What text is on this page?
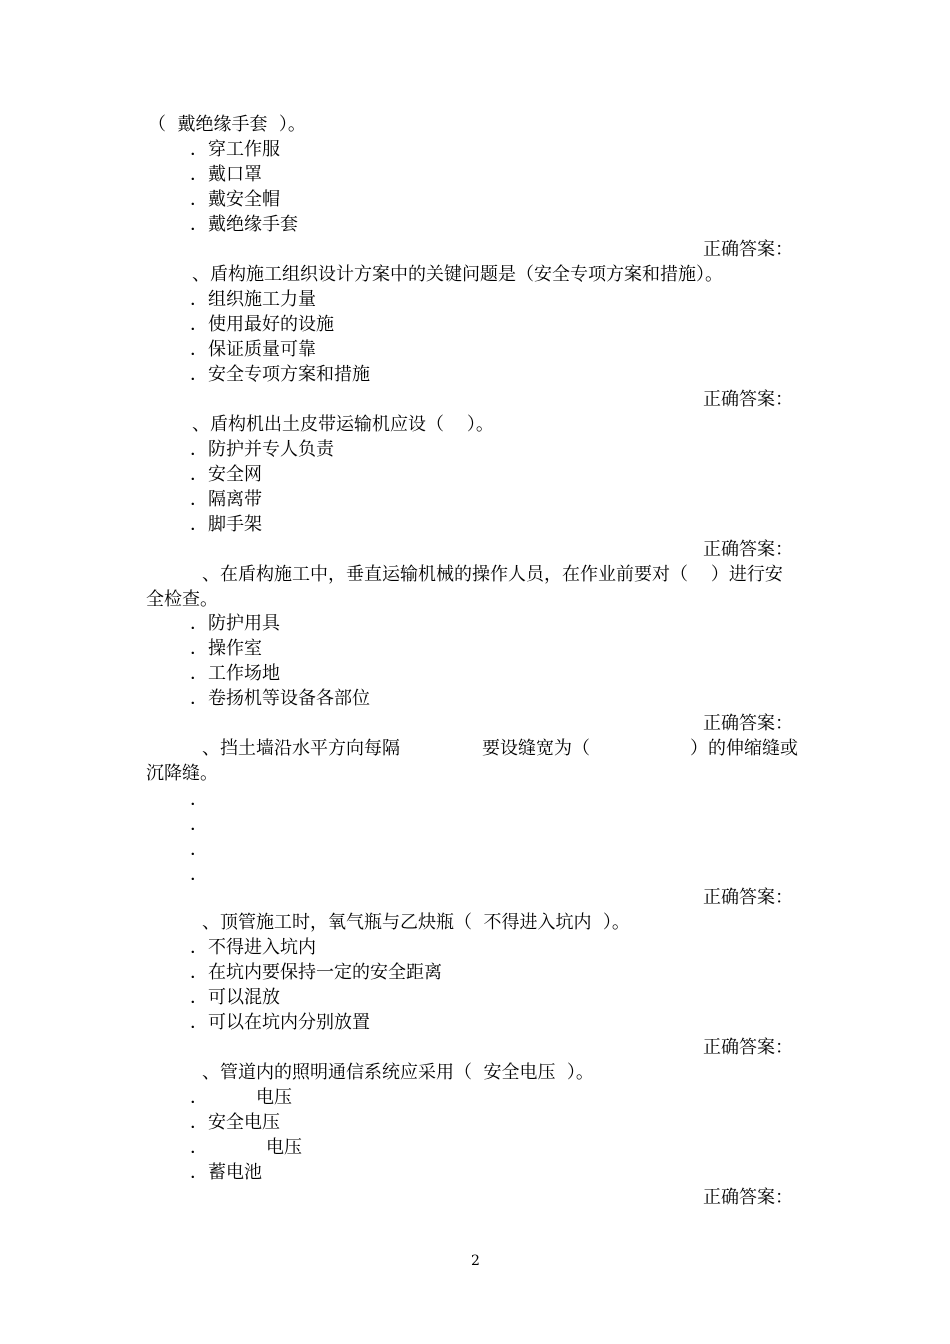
（  戴绝缘手套  ）。
．穿工作服
．戴口罩
．戴安全帽
．戴绝缘手套
正确答案：
、盾构施工组织设计方案中的关键问题是（安全专项方案和措施）。
．组织施工力量
．使用最好的设施
．保证质量可靠
．安全专项方案和措施
正确答案：
、盾构机出土皮带运输机应设（    ）。
．防护并专人负责
．安全网
．隔离带
．脚手架
正确答案：
、在盾构施工中，垂直运输机械的操作人员，在作业前要对（    ）进行安
全检查。
．防护用具
．操作室
．工作场地
．卷扬机等设备各部位
正确答案：
、挡土墙沿水平方向每隔	要设缝宽为（	）的伸缩缝或
沉降缝。
．
．
．
．
正确答案：
、顶管施工时，氧气瓶与乙炔瓶（  不得进入坑内  ）。
．不得进入坑内
．在坑内要保持一定的安全距离
．可以混放
．可以在坑内分别放置
正确答案：
、管道内的照明通信系统应采用（  安全电压  ）。
．	电压
．安全电压
．	电压
．蓄电池
正确答案：
2
